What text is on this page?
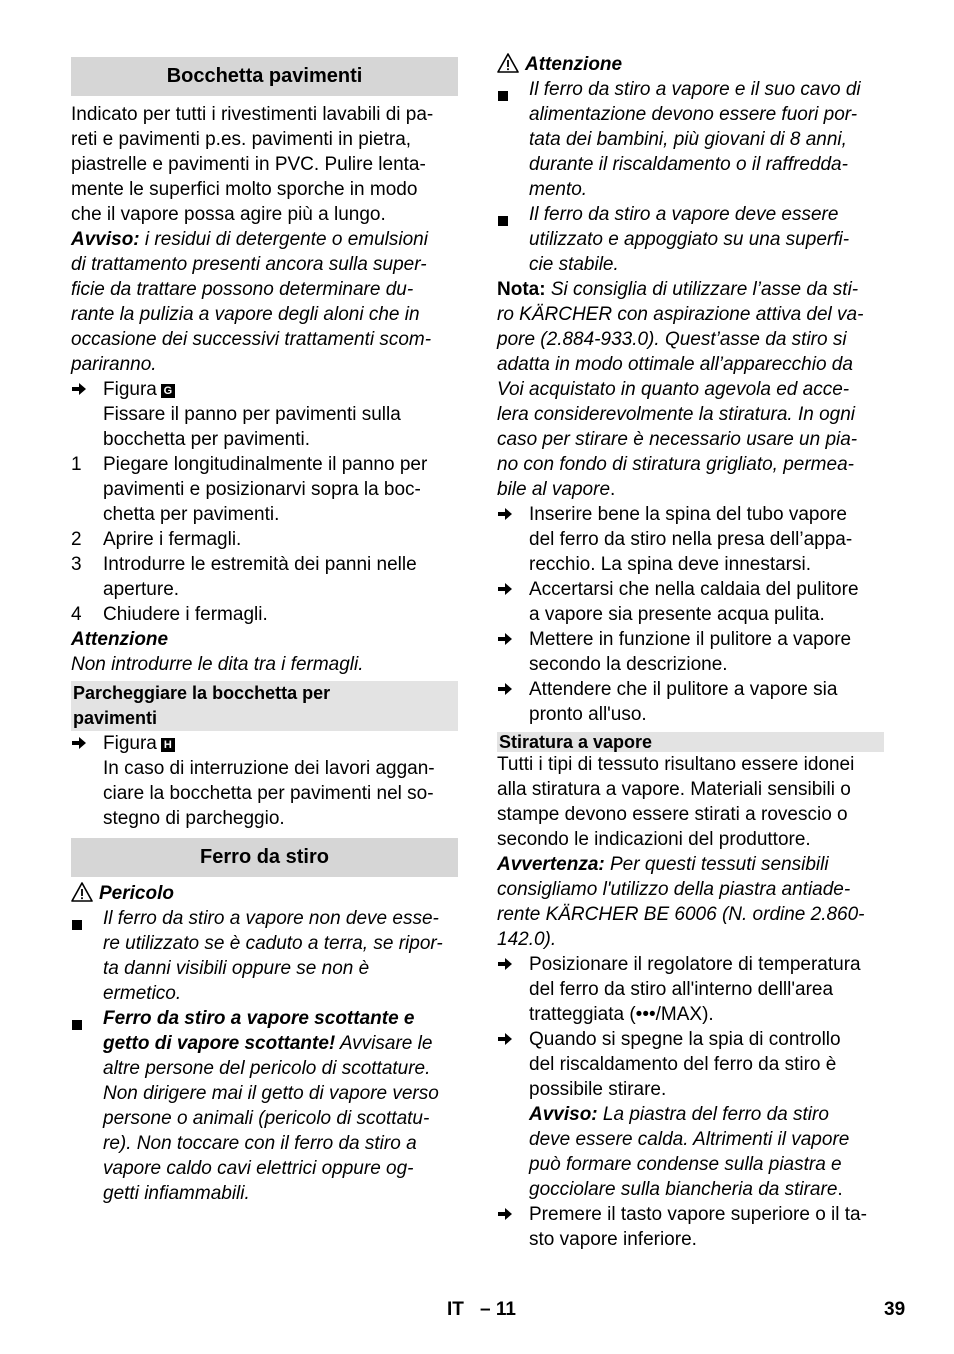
Bocchetta pavimenti
Indicato per tutti i rivestimenti lavabili di pa-
reti e pavimenti p.es. pavimenti in pietra,
piastrelle e pavimenti in PVC. Pulire lenta-
mente le superfici molto sporche in modo
che il vapore possa agire più a lungo.
Avviso: i residui di detergente o emulsioni
di trattamento presenti ancora sulla super-
ficie da trattare possono determinare du-
rante la pulizia a vapore degli aloni che in
occasione dei successivi trattamenti scom-
pariranno.
Figura G
Fissare il panno per pavimenti sulla
bocchetta per pavimenti.
1 Piegare longitudinalmente il panno per
pavimenti e posizionarvi sopra la boc-
chetta per pavimenti.
2 Aprire i fermagli.
3 Introdurre le estremità dei panni nelle
aperture.
4 Chiudere i fermagli.
Attenzione
Non introdurre le dita tra i fermagli.
Parcheggiare la bocchetta per
pavimenti
Figura H
In caso di interruzione dei lavori aggan-
ciare la bocchetta per pavimenti nel so-
stegno di parcheggio.
Ferro da stiro
Pericolo
Il ferro da stiro a vapore non deve esse-
re utilizzato se è caduto a terra, se ripor-
ta danni visibili oppure se non è
ermetico.
Ferro da stiro a vapore scottante e
getto di vapore scottante! Avvisare le
altre persone del pericolo di scottature.
Non dirigere mai il getto di vapore verso
persone o animali (pericolo di scottatu-
re). Non toccare con il ferro da stiro a
vapore caldo cavi elettrici oppure og-
getti infiammabili.
Attenzione
Il ferro da stiro a vapore e il suo cavo di
alimentazione devono essere fuori por-
tata dei bambini, più giovani di 8 anni,
durante il riscaldamento o il raffredda-
mento.
Il ferro da stiro a vapore deve essere
utilizzato e appoggiato su una superfi-
cie stabile.
Nota: Si consiglia di utilizzare l’asse da sti-
ro KÄRCHER con aspirazione attiva del va-
pore (2.884-933.0). Quest’asse da stiro si
adatta in modo ottimale all’apparecchio da
Voi acquistato in quanto agevola ed acce-
lera considerevolmente la stiratura. In ogni
caso per stirare è necessario usare un pia-
no con fondo di stiratura grigliato, permea-
bile al vapore.
Inserire bene la spina del tubo vapore
del ferro da stiro nella presa dell’appa-
recchio. La spina deve innestarsi.
Accertarsi che nella caldaia del pulitore
a vapore sia presente acqua pulita.
Mettere in funzione il pulitore a vapore
secondo la descrizione.
Attendere che il pulitore a vapore sia
pronto all'uso.
Stiratura a vapore
Tutti i tipi di tessuto risultano essere idonei
alla stiratura a vapore. Materiali sensibili o
stampe devono essere stirati a rovescio o
secondo le indicazioni del produttore.
Avvertenza: Per questi tessuti sensibili
consigliamo l'utilizzo della piastra antiade-
rente KÄRCHER BE 6006 (N. ordine 2.860-
142.0).
Posizionare il regolatore di temperatura
del ferro da stiro all'interno delll'area
tratteggiata (•••/MAX).
Quando si spegne la spia di controllo
del riscaldamento del ferro da stiro è
possibile stirare.
Avviso: La piastra del ferro da stiro
deve essere calda. Altrimenti il vapore
può formare condense sulla piastra e
gocciolare sulla biancheria da stirare.
Premere il tasto vapore superiore o il ta-
sto vapore inferiore.
IT – 11	39
